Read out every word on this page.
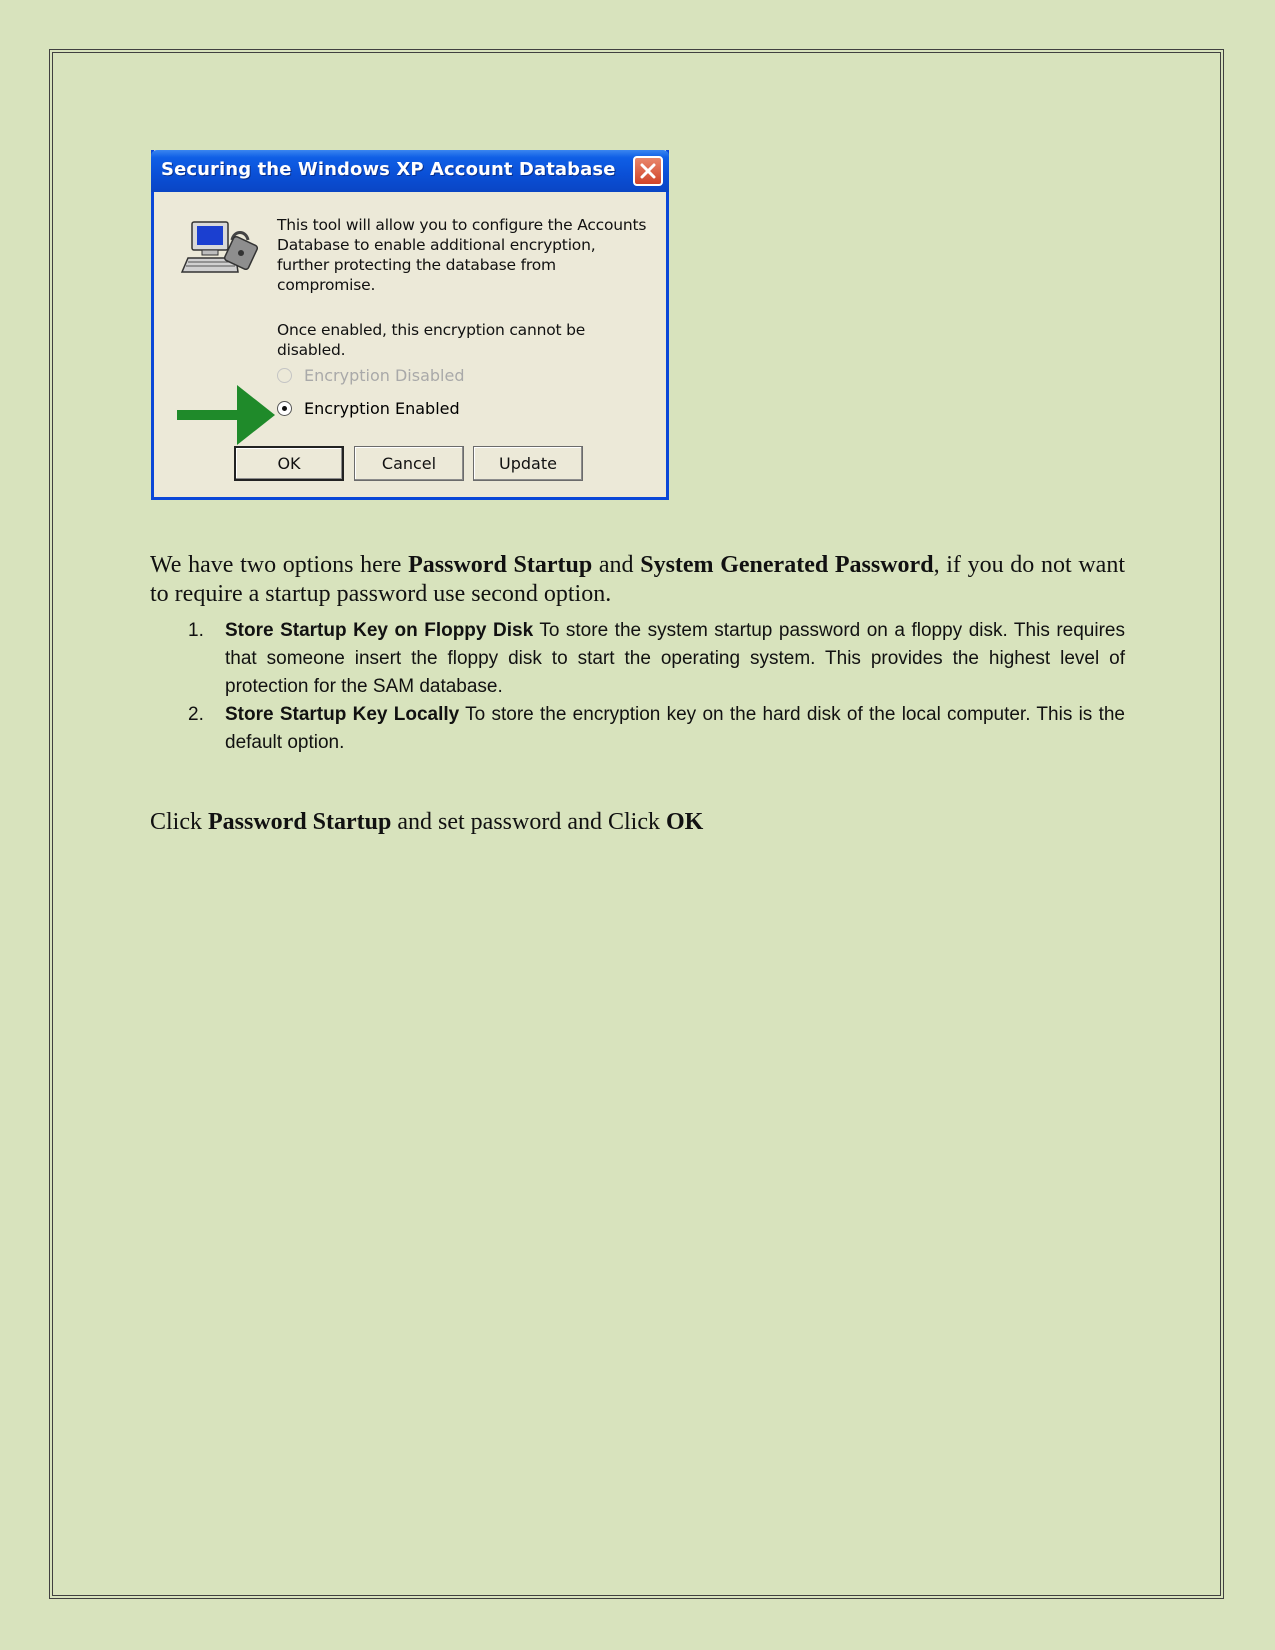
Securing the Windows XP Account Database

This tool will allow you to configure the Accounts Database to enable additional encryption, further protecting the database from compromise.

Once enabled, this encryption cannot be disabled.

Encryption Disabled
Encryption Enabled
OK	Cancel	Update

We have two options here Password Startup and System Generated Password, if you do not want to require a startup password use second option.

1. Store Startup Key on Floppy Disk To store the system startup password on a floppy disk. This requires that someone insert the floppy disk to start the operating system. This provides the highest level of protection for the SAM database.
2. Store Startup Key Locally To store the encryption key on the hard disk of the local computer. This is the default option.

Click Password Startup and set password and Click OK
